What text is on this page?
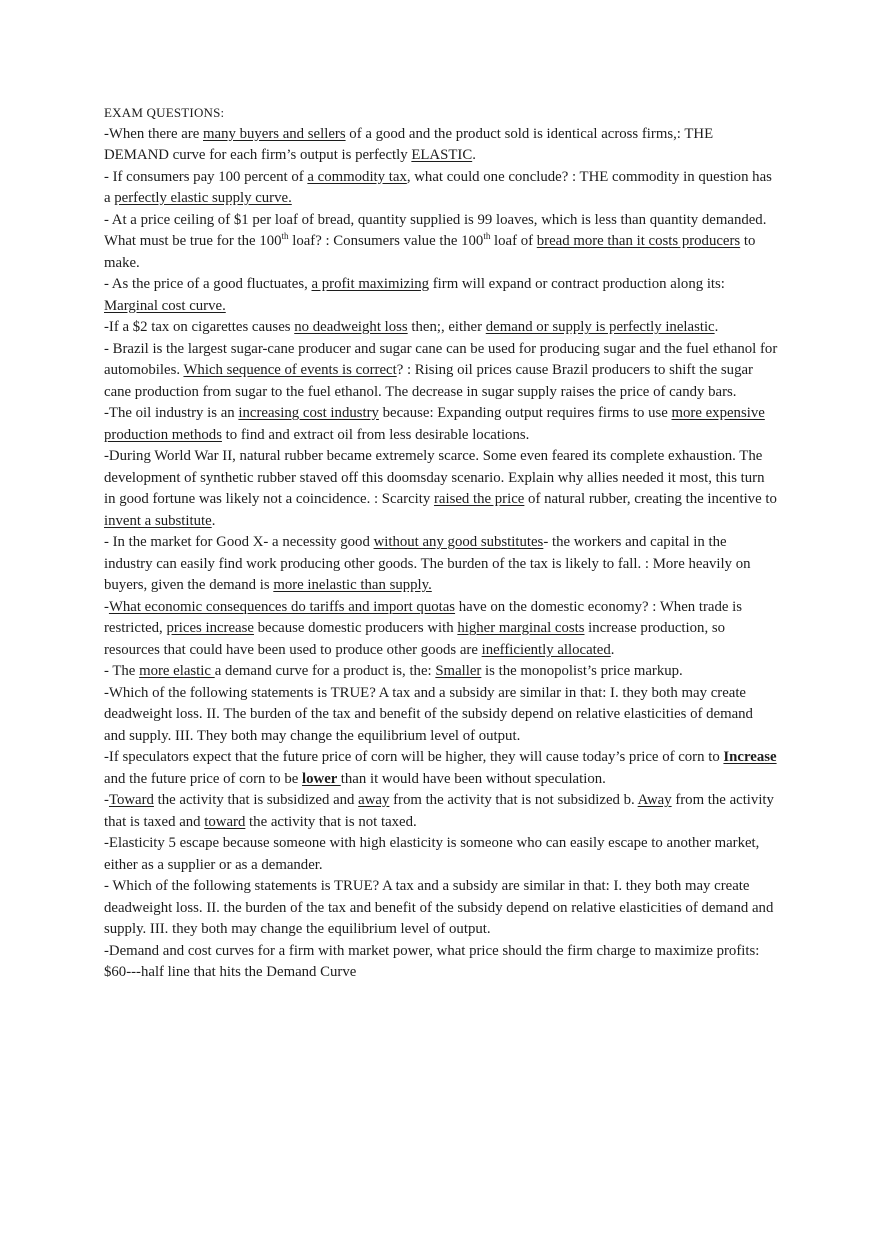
EXAM QUESTIONS:

-When there are many buyers and sellers of a good and the product sold is identical across firms,: THE DEMAND curve for each firm’s output is perfectly ELASTIC.

- If consumers pay 100 percent of a commodity tax, what could one conclude? : THE commodity in question has a perfectly elastic supply curve.

- At a price ceiling of $1 per loaf of bread, quantity supplied is 99 loaves, which is less than quantity demanded. What must be true for the 100th loaf? : Consumers value the 100th loaf of bread more than it costs producers to make.

- As the price of a good fluctuates, a profit maximizing firm will expand or contract production along its: Marginal cost curve.

-If a $2 tax on cigarettes causes no deadweight loss then;, either demand or supply is perfectly inelastic.

- Brazil is the largest sugar-cane producer and sugar cane can be used for producing sugar and the fuel ethanol for automobiles. Which sequence of events is correct? : Rising oil prices cause Brazil producers to shift the sugar cane production from sugar to the fuel ethanol. The decrease in sugar supply raises the price of candy bars.

-The oil industry is an increasing cost industry because: Expanding output requires firms to use more expensive production methods to find and extract oil from less desirable locations.

-During World War II, natural rubber became extremely scarce. Some even feared its complete exhaustion. The development of synthetic rubber staved off this doomsday scenario. Explain why allies needed it most, this turn in good fortune was likely not a coincidence. : Scarcity raised the price of natural rubber, creating the incentive to invent a substitute.

- In the market for Good X- a necessity good without any good substitutes- the workers and capital in the industry can easily find work producing other goods. The burden of the tax is likely to fall. : More heavily on buyers, given the demand is more inelastic than supply.

-What economic consequences do tariffs and import quotas have on the domestic economy? : When trade is restricted, prices increase because domestic producers with higher marginal costs increase production, so resources that could have been used to produce other goods are inefficiently allocated.

- The more elastic a demand curve for a product is, the: Smaller is the monopolist’s price markup.

-Which of the following statements is TRUE? A tax and a subsidy are similar in that: I. they both may create deadweight loss. II. The burden of the tax and benefit of the subsidy depend on relative elasticities of demand and supply. III. They both may change the equilibrium level of output.

-If speculators expect that the future price of corn will be higher, they will cause today’s price of corn to Increase and the future price of corn to be lower than it would have been without speculation.

-Toward the activity that is subsidized and away from the activity that is not subsidized b. Away from the activity that is taxed and toward the activity that is not taxed.

-Elasticity 5 escape because someone with high elasticity is someone who can easily escape to another market, either as a supplier or as a demander.

- Which of the following statements is TRUE? A tax and a subsidy are similar in that: I. they both may create deadweight loss. II. the burden of the tax and benefit of the subsidy depend on relative elasticities of demand and supply. III. they both may change the equilibrium level of output.

-Demand and cost curves for a firm with market power, what price should the firm charge to maximize profits: $60---half line that hits the Demand Curve
